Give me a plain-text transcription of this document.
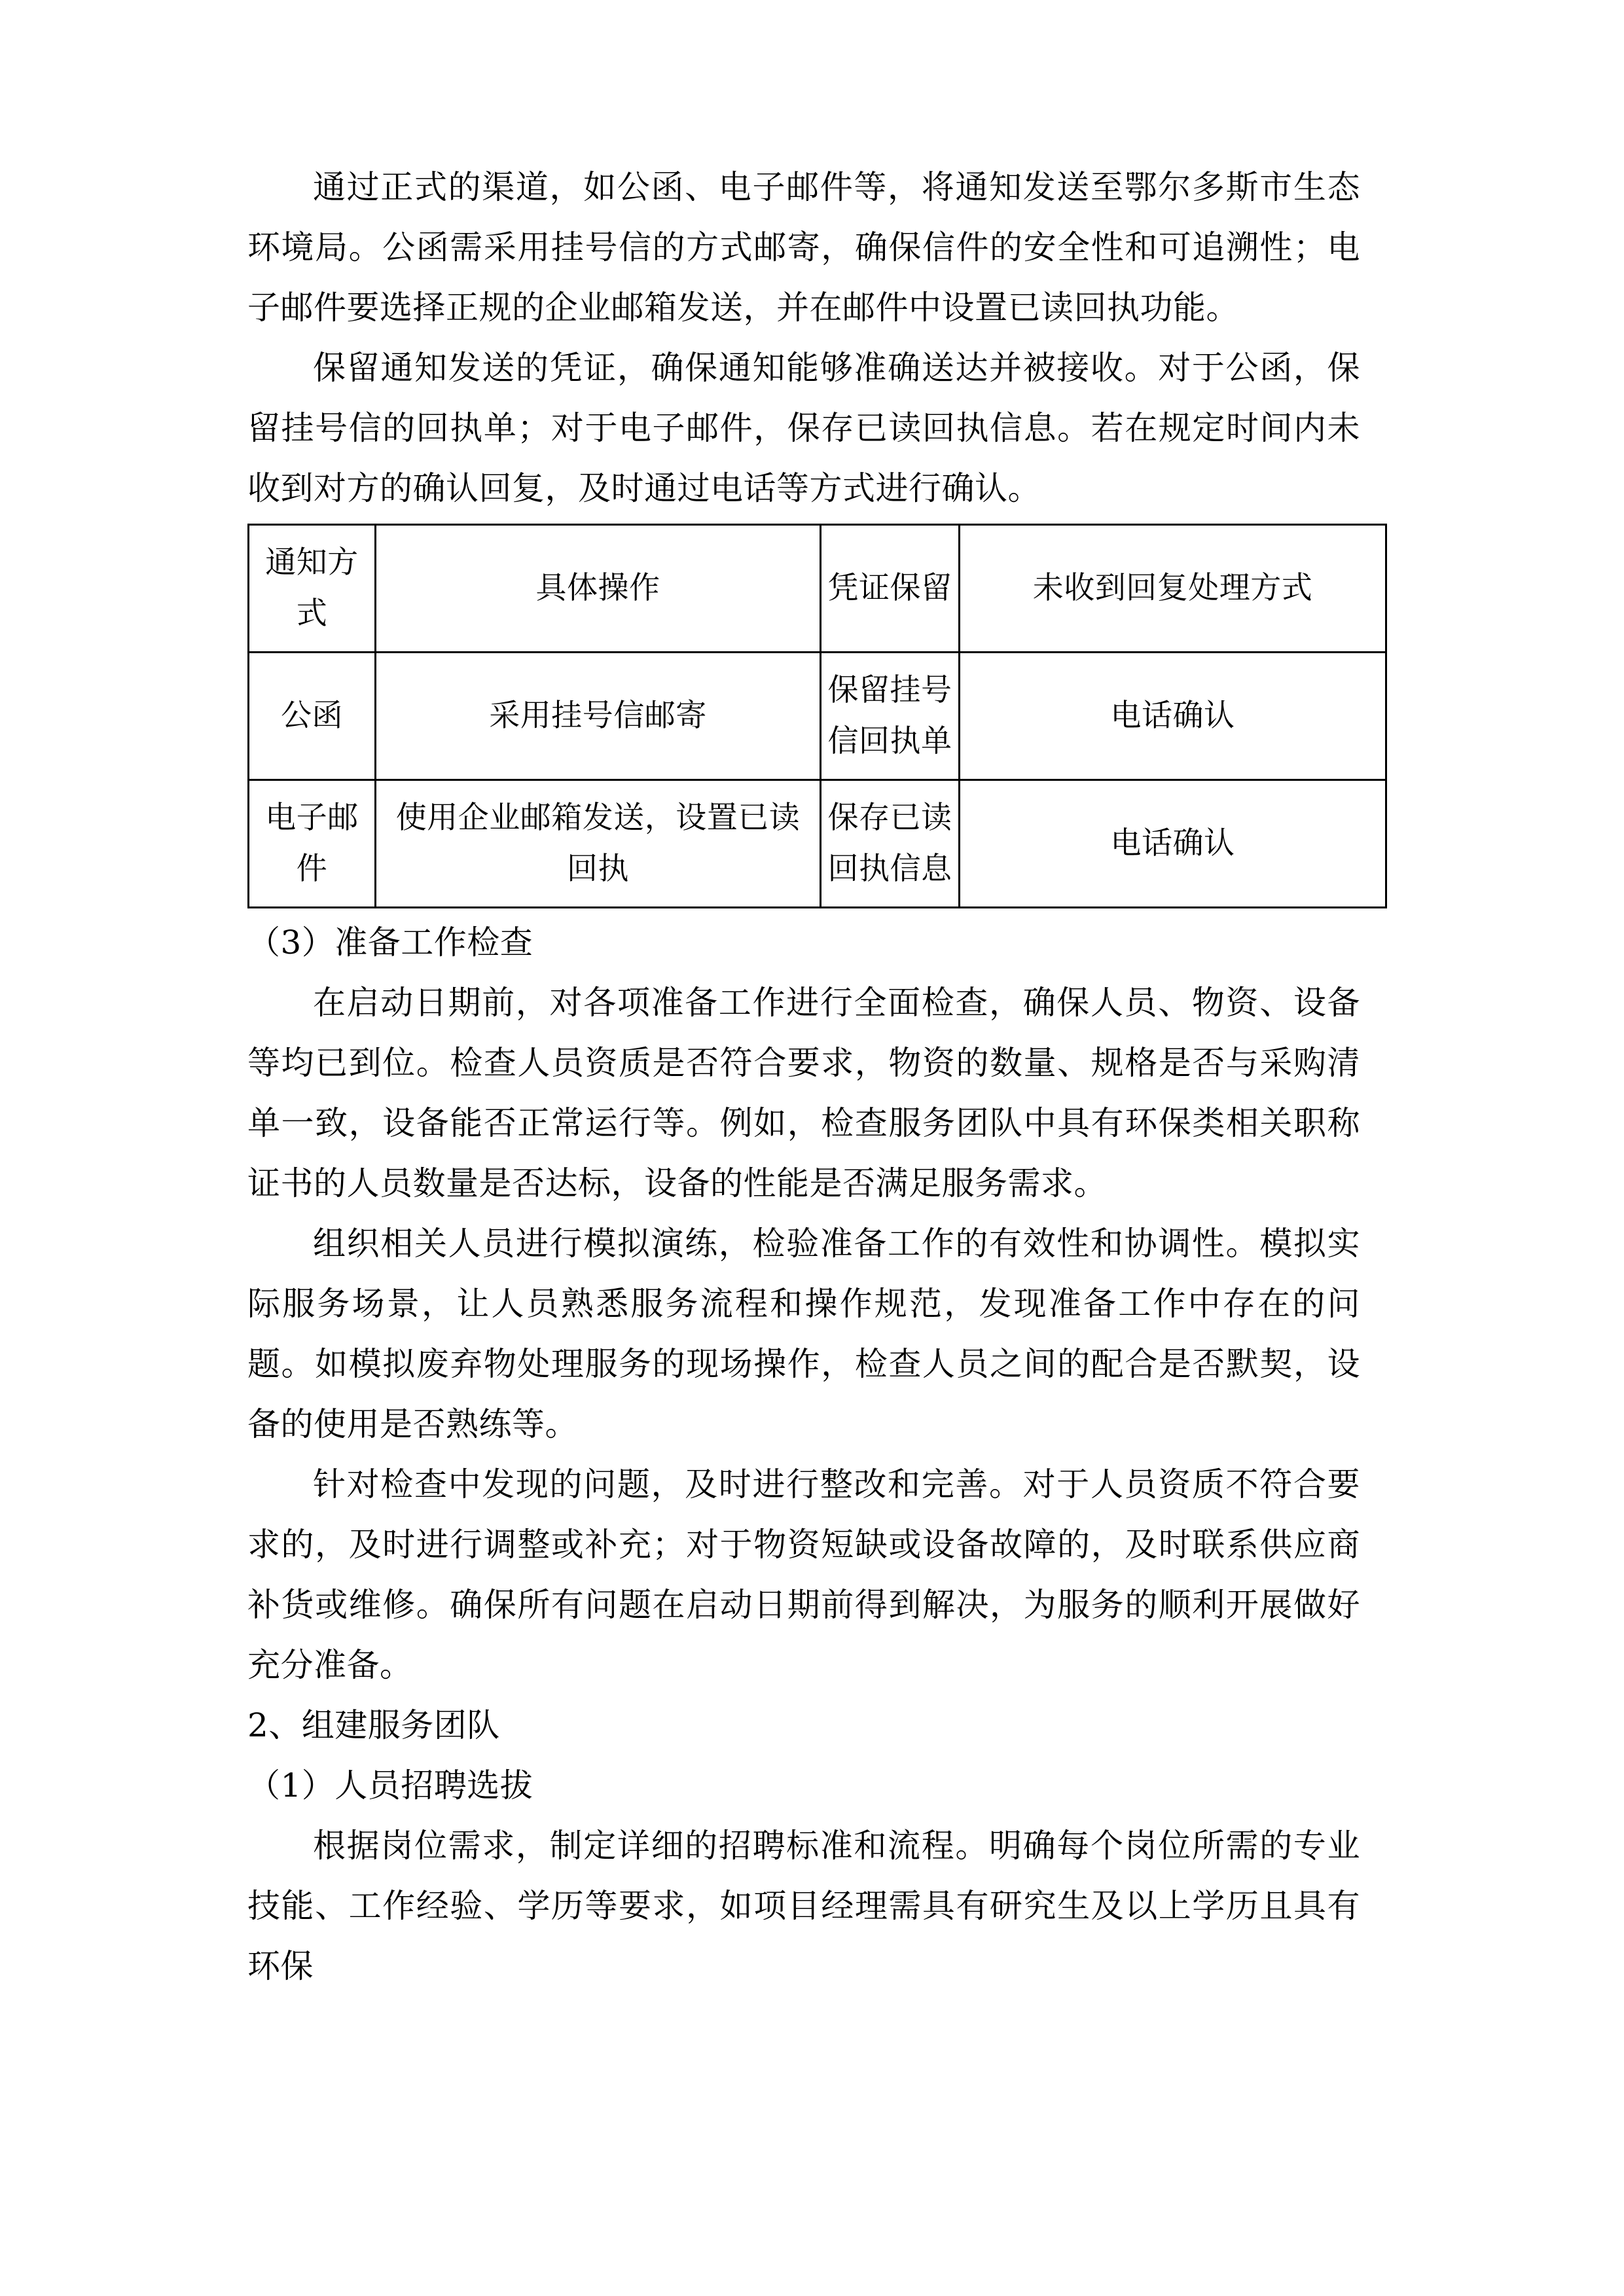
通过正式的渠道，如公函、电子邮件等，将通知发送至鄂尔多斯市生态环境局。公函需采用挂号信的方式邮寄，确保信件的安全性和可追溯性；电子邮件要选择正规的企业邮箱发送，并在邮件中设置已读回执功能。

保留通知发送的凭证，确保通知能够准确送达并被接收。对于公函，保留挂号信的回执单；对于电子邮件，保存已读回执信息。若在规定时间内未收到对方的确认回复，及时通过电话等方式进行确认。

通知方式	具体操作	凭证保留	未收到回复处理方式
公函	采用挂号信邮寄	保留挂号信回执单	电话确认
电子邮件	使用企业邮箱发送，设置已读回执	保存已读回执信息	电话确认

（3）准备工作检查

在启动日期前，对各项准备工作进行全面检查，确保人员、物资、设备等均已到位。检查人员资质是否符合要求，物资的数量、规格是否与采购清单一致，设备能否正常运行等。例如，检查服务团队中具有环保类相关职称证书的人员数量是否达标，设备的性能是否满足服务需求。

组织相关人员进行模拟演练，检验准备工作的有效性和协调性。模拟实际服务场景，让人员熟悉服务流程和操作规范，发现准备工作中存在的问题。如模拟废弃物处理服务的现场操作，检查人员之间的配合是否默契，设备的使用是否熟练等。

针对检查中发现的问题，及时进行整改和完善。对于人员资质不符合要求的，及时进行调整或补充；对于物资短缺或设备故障的，及时联系供应商补货或维修。确保所有问题在启动日期前得到解决，为服务的顺利开展做好充分准备。

2、组建服务团队

（1）人员招聘选拔

根据岗位需求，制定详细的招聘标准和流程。明确每个岗位所需的专业技能、工作经验、学历等要求，如项目经理需具有研究生及以上学历且具有环保
